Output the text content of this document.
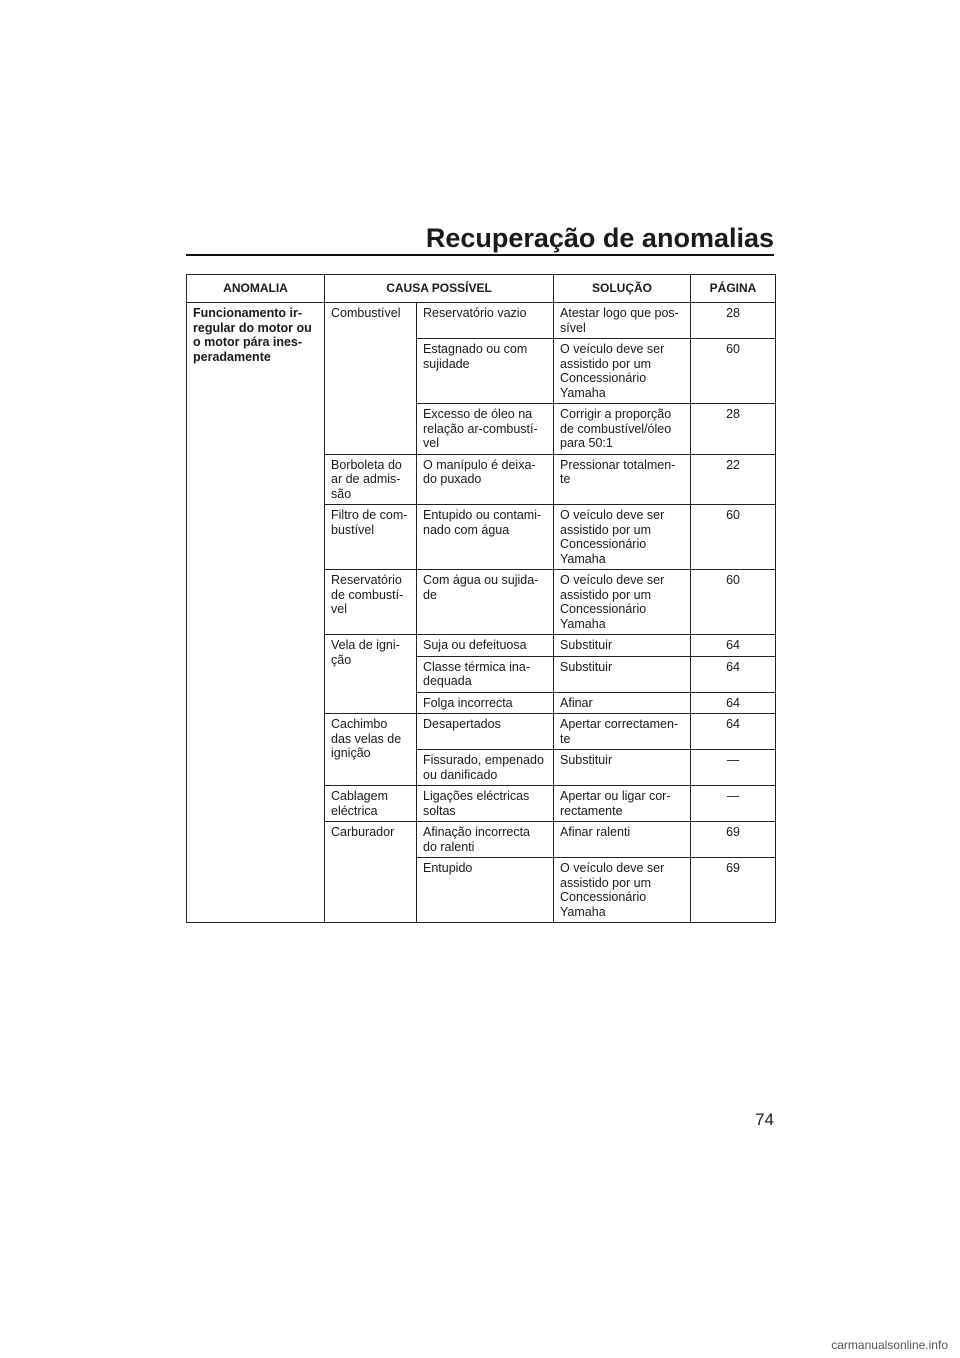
Recuperação de anomalias
ANOMALIA	CAUSA POSSÍVEL		SOLUÇÃO	PÁGINA
Funcionamento ir-
regular do motor ou
o motor pára ines-
peradamente	Combustível	Reservatório vazio	Atestar logo que pos-
sível	28
		Estagnado ou com
sujidade	O veículo deve ser
assistido por um
Concessionário
Yamaha	60
		Excesso de óleo na
relação ar-combustí-
vel	Corrigir a proporção
de combustível/óleo
para 50:1	28
	Borboleta do
ar de admis-
são	O manípulo é deixa-
do puxado	Pressionar totalmen-
te	22
	Filtro de com-
bustível	Entupido ou contami-
nado com água	O veículo deve ser
assistido por um
Concessionário
Yamaha	60
	Reservatório
de combustí-
vel	Com água ou sujida-
de	O veículo deve ser
assistido por um
Concessionário
Yamaha	60
	Vela de igni-
ção	Suja ou defeituosa	Substituir	64
		Classe térmica ina-
dequada	Substituir	64
		Folga incorrecta	Afinar	64
	Cachimbo
das velas de
ignição	Desapertados	Apertar correctamen-
te	64
		Fissurado, empenado
ou danificado	Substituir	—
	Cablagem
eléctrica	Ligações eléctricas
soltas	Apertar ou ligar cor-
rectamente	—
	Carburador	Afinação incorrecta
do ralenti	Afinar ralenti	69
		Entupido	O veículo deve ser
assistido por um
Concessionário
Yamaha	69
74
carmanualsonline.info
